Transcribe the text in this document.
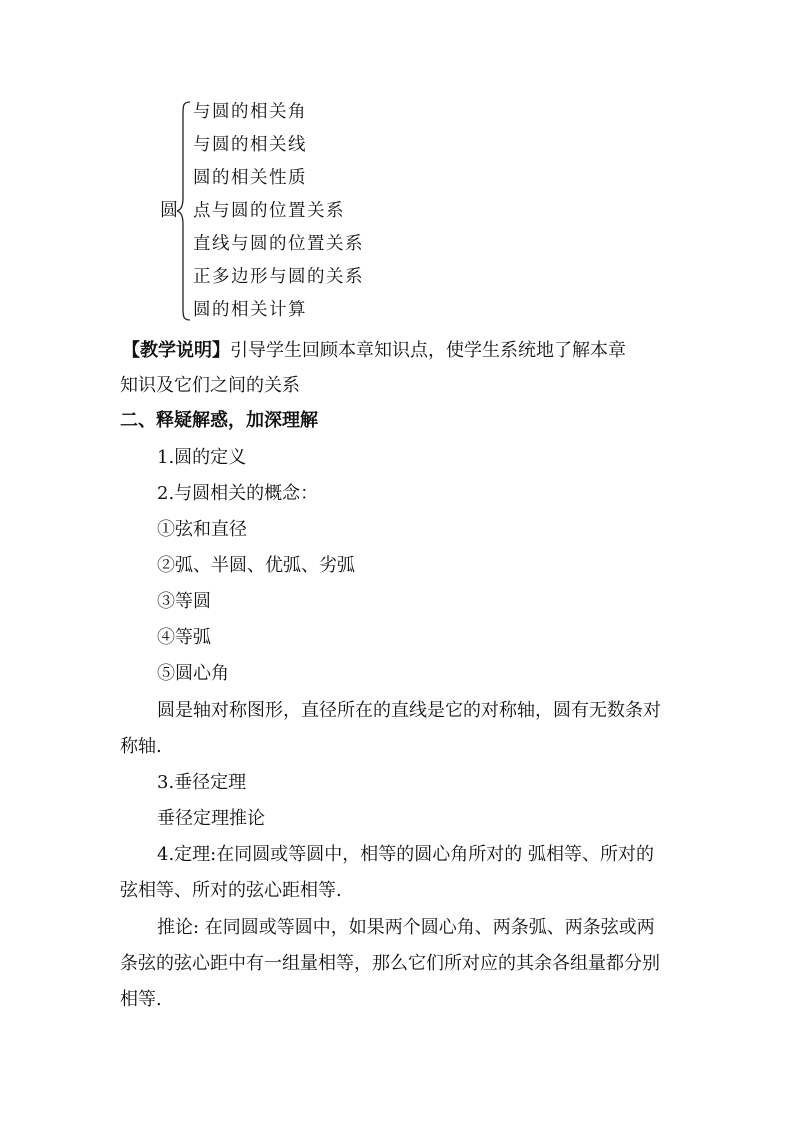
圆
与圆的相关角
与圆的相关线
圆的相关性质
点与圆的位置关系
直线与圆的位置关系
正多边形与圆的关系
圆的相关计算
【教学说明】引导学生回顾本章知识点，使学生系统地了解本章
知识及它们之间的关系
二、释疑解惑，加深理解
1.圆的定义
2.与圆相关的概念：
①弦和直径
②弧、半圆、优弧、劣弧
③等圆
④等弧
⑤圆心角
圆是轴对称图形，直径所在的直线是它的对称轴，圆有无数条对
称轴.
3.垂径定理
垂径定理推论
4.定理:在同圆或等圆中，相等的圆心角所对的 弧相等、所对的
弦相等、所对的弦心距相等.
推论: 在同圆或等圆中，如果两个圆心角、两条弧、两条弦或两
条弦的弦心距中有一组量相等，那么它们所对应的其余各组量都分别
相等.
